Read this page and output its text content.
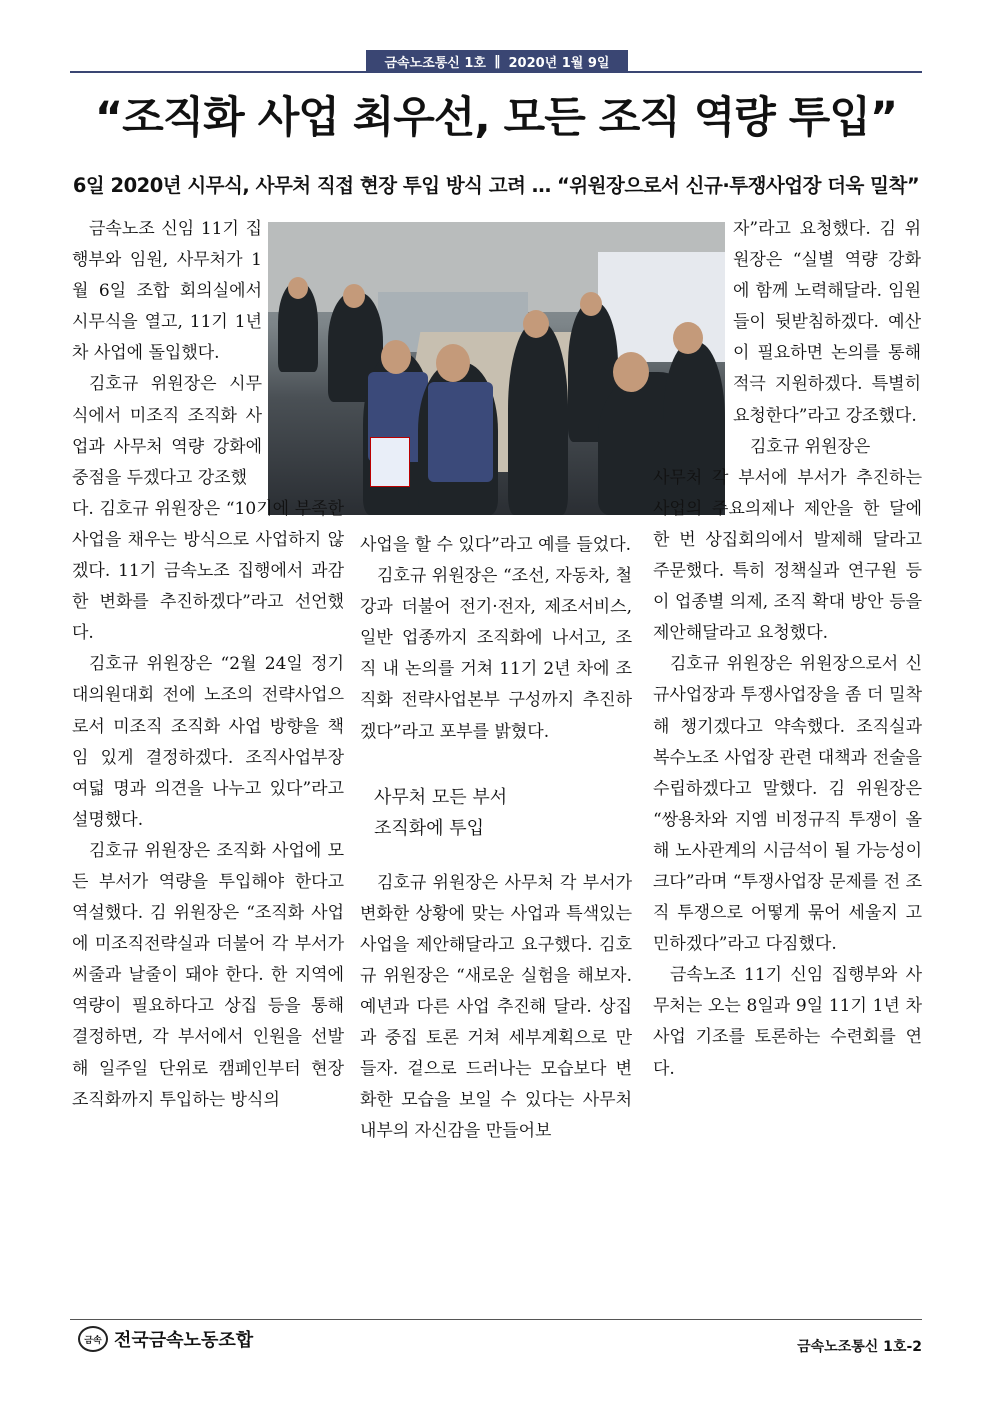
금속노조통신 1호 ‖ 2020년 1월 9일
“조직화 사업 최우선, 모든 조직 역량 투입”
6일 2020년 시무식, 사무처 직접 현장 투입 방식 고려 … “위원장으로서 신규·투쟁사업장 더욱 밀착”

금속노조 신임 11기 집행부와 임원, 사무처가 1월 6일 조합 회의실에서 시무식을 열고, 11기 1년차 사업에 돌입했다.

김호규 위원장은 시무식에서 미조직 조직화 사업과 사무처 역량 강화에 중점을 두겠다고 강조했

다. 김호규 위원장은 “10기에 부족한 사업을 채우는 방식으로 사업하지 않겠다. 11기 금속노조 집행에서 과감한 변화를 추진하겠다”라고 선언했다.

김호규 위원장은 “2월 24일 정기대의원대회 전에 노조의 전략사업으로서 미조직 조직화 사업 방향을 책임 있게 결정하겠다. 조직사업부장 여덟 명과 의견을 나누고 있다”라고 설명했다.

김호규 위원장은 조직화 사업에 모든 부서가 역량을 투입해야 한다고 역설했다. 김 위원장은 “조직화 사업에 미조직전략실과 더불어 각 부서가 씨줄과 날줄이 돼야 한다. 한 지역에 역량이 필요하다고 상집 등을 통해 결정하면, 각 부서에서 인원을 선발해 일주일 단위로 캠페인부터 현장 조직화까지 투입하는 방식의

사업을 할 수 있다”라고 예를 들었다.

김호규 위원장은 “조선, 자동차, 철강과 더불어 전기·전자, 제조서비스, 일반 업종까지 조직화에 나서고, 조직 내 논의를 거쳐 11기 2년 차에 조직화 전략사업본부 구성까지 추진하겠다”라고 포부를 밝혔다.

사무처 모든 부서
조직화에 투입

김호규 위원장은 사무처 각 부서가 변화한 상황에 맞는 사업과 특색있는 사업을 제안해달라고 요구했다. 김호규 위원장은 “새로운 실험을 해보자. 예년과 다른 사업 추진해 달라. 상집과 중집 토론 거쳐 세부계획으로 만들자. 겉으로 드러나는 모습보다 변화한 모습을 보일 수 있다는 사무처 내부의 자신감을 만들어보

자”라고 요청했다. 김 위원장은 “실별 역량 강화에 함께 노력해달라. 임원들이 뒷받침하겠다. 예산이 필요하면 논의를 통해 적극 지원하겠다. 특별히 요청한다”라고 강조했다.

김호규 위원장은

사무처 각 부서에 부서가 추진하는 사업의 주요의제나 제안을 한 달에 한 번 상집회의에서 발제해 달라고 주문했다. 특히 정책실과 연구원 등이 업종별 의제, 조직 확대 방안 등을 제안해달라고 요청했다.

김호규 위원장은 위원장으로서 신규사업장과 투쟁사업장을 좀 더 밀착해 챙기겠다고 약속했다. 조직실과 복수노조 사업장 관련 대책과 전술을 수립하겠다고 말했다. 김 위원장은 “쌍용차와 지엠 비정규직 투쟁이 올해 노사관계의 시금석이 될 가능성이 크다”라며 “투쟁사업장 문제를 전 조직 투쟁으로 어떻게 묶어 세울지 고민하겠다”라고 다짐했다.

금속노조 11기 신임 집행부와 사무처는 오는 8일과 9일 11기 1년 차 사업 기조를 토론하는 수련회를 연다.

금속 전국금속노동조합	금속노조통신 1호-2
